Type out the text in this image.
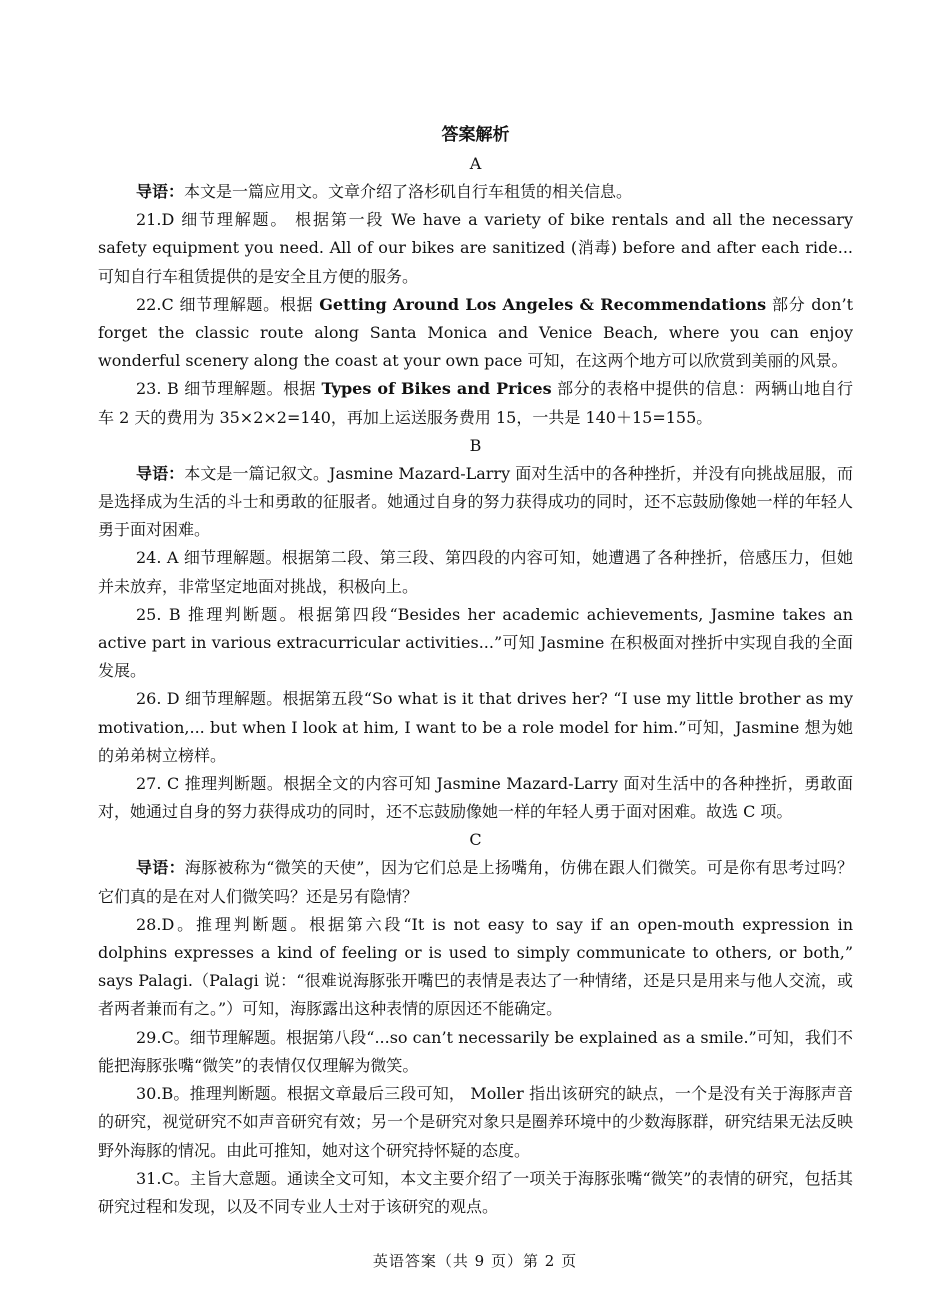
答案解析
A

导语：本文是一篇应用文。文章介绍了洛杉矶自行车租赁的相关信息。

21.D 细节理解题。 根据第一段 We have a variety of bike rentals and all the necessary safety equipment you need. All of our bikes are sanitized (消毒) before and after each ride...可知自行车租赁提供的是安全且方便的服务。

22.C 细节理解题。根据 Getting Around Los Angeles & Recommendations 部分 don’t forget the classic route along Santa Monica and Venice Beach, where you can enjoy wonderful scenery along the coast at your own pace 可知，在这两个地方可以欣赏到美丽的风景。

23. B 细节理解题。根据 Types of Bikes and Prices 部分的表格中提供的信息：两辆山地自行车 2 天的费用为 35×2×2=140，再加上运送服务费用 15，一共是 140＋15=155。

B

导语：本文是一篇记叙文。Jasmine Mazard-Larry 面对生活中的各种挫折，并没有向挑战屈服，而是选择成为生活的斗士和勇敢的征服者。她通过自身的努力获得成功的同时，还不忘鼓励像她一样的年轻人勇于面对困难。

24. A 细节理解题。根据第二段、第三段、第四段的内容可知，她遭遇了各种挫折，倍感压力，但她并未放弃，非常坚定地面对挑战，积极向上。

25. B 推理判断题。根据第四段“Besides her academic achievements, Jasmine takes an active part in various extracurricular activities...”可知 Jasmine 在积极面对挫折中实现自我的全面发展。

26. D 细节理解题。根据第五段“So what is it that drives her? “I use my little brother as my motivation,... but when I look at him, I want to be a role model for him.”可知，Jasmine 想为她的弟弟树立榜样。

27. C 推理判断题。根据全文的内容可知 Jasmine Mazard-Larry 面对生活中的各种挫折，勇敢面对，她通过自身的努力获得成功的同时，还不忘鼓励像她一样的年轻人勇于面对困难。故选 C 项。

C

导语：海豚被称为“微笑的天使”，因为它们总是上扬嘴角，仿佛在跟人们微笑。可是你有思考过吗？它们真的是在对人们微笑吗？还是另有隐情？

28.D。推理判断题。根据第六段“It is not easy to say if an open-mouth expression in dolphins expresses a kind of feeling or is used to simply communicate to others, or both,” says Palagi.（Palagi 说：“很难说海豚张开嘴巴的表情是表达了一种情绪，还是只是用来与他人交流，或者两者兼而有之。”）可知，海豚露出这种表情的原因还不能确定。

29.C。细节理解题。根据第八段“...so can’t necessarily be explained as a smile.”可知，我们不能把海豚张嘴“微笑”的表情仅仅理解为微笑。

30.B。推理判断题。根据文章最后三段可知， Moller 指出该研究的缺点，一个是没有关于海豚声音的研究，视觉研究不如声音研究有效；另一个是研究对象只是圈养环境中的少数海豚群，研究结果无法反映野外海豚的情况。由此可推知，她对这个研究持怀疑的态度。

31.C。主旨大意题。通读全文可知，本文主要介绍了一项关于海豚张嘴“微笑”的表情的研究，包括其研究过程和发现，以及不同专业人士对于该研究的观点。

英语答案（共 9 页）第 2 页
